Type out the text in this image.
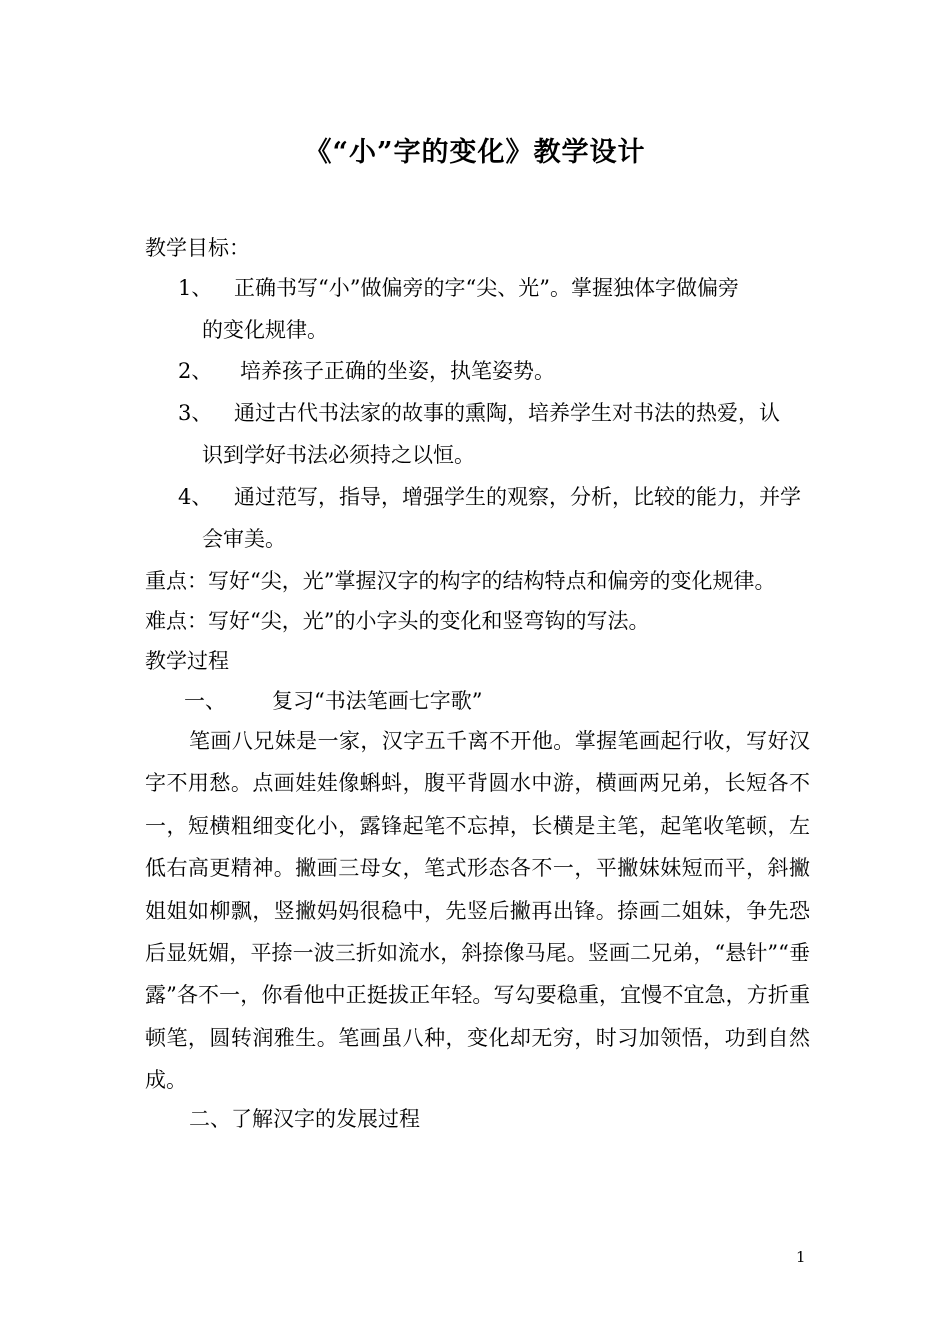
《“小”字的变化》教学设计
教学目标：
1、 正确书写“小”做偏旁的字“尖、光”。掌握独体字做偏旁
的变化规律。
2、 培养孩子正确的坐姿，执笔姿势。
3、 通过古代书法家的故事的熏陶，培养学生对书法的热爱，认
识到学好书法必须持之以恒。
4、 通过范写，指导，增强学生的观察，分析，比较的能力，并学
会审美。
重点：写好“尖，光”掌握汉字的构字的结构特点和偏旁的变化规律。
难点：写好“尖，光”的小字头的变化和竖弯钩的写法。
教学过程
一、 复习“书法笔画七字歌”
笔画八兄妹是一家，汉字五千离不开他。掌握笔画起行收，写好汉字不用愁。点画娃娃像蝌蚪，腹平背圆水中游，横画两兄弟，长短各不一，短横粗细变化小，露锋起笔不忘掉，长横是主笔，起笔收笔顿，左低右高更精神。撇画三母女，笔式形态各不一，平撇妹妹短而平，斜撇姐姐如柳飘，竖撇妈妈很稳中，先竖后撇再出锋。捺画二姐妹，争先恐后显妩媚，平捺一波三折如流水，斜捺像马尾。竖画二兄弟，“悬针”“垂露”各不一，你看他中正挺拔正年轻。写勾要稳重，宜慢不宜急，方折重顿笔，圆转润雅生。笔画虽八种，变化却无穷，时习加领悟，功到自然成。
二、了解汉字的发展过程
1
